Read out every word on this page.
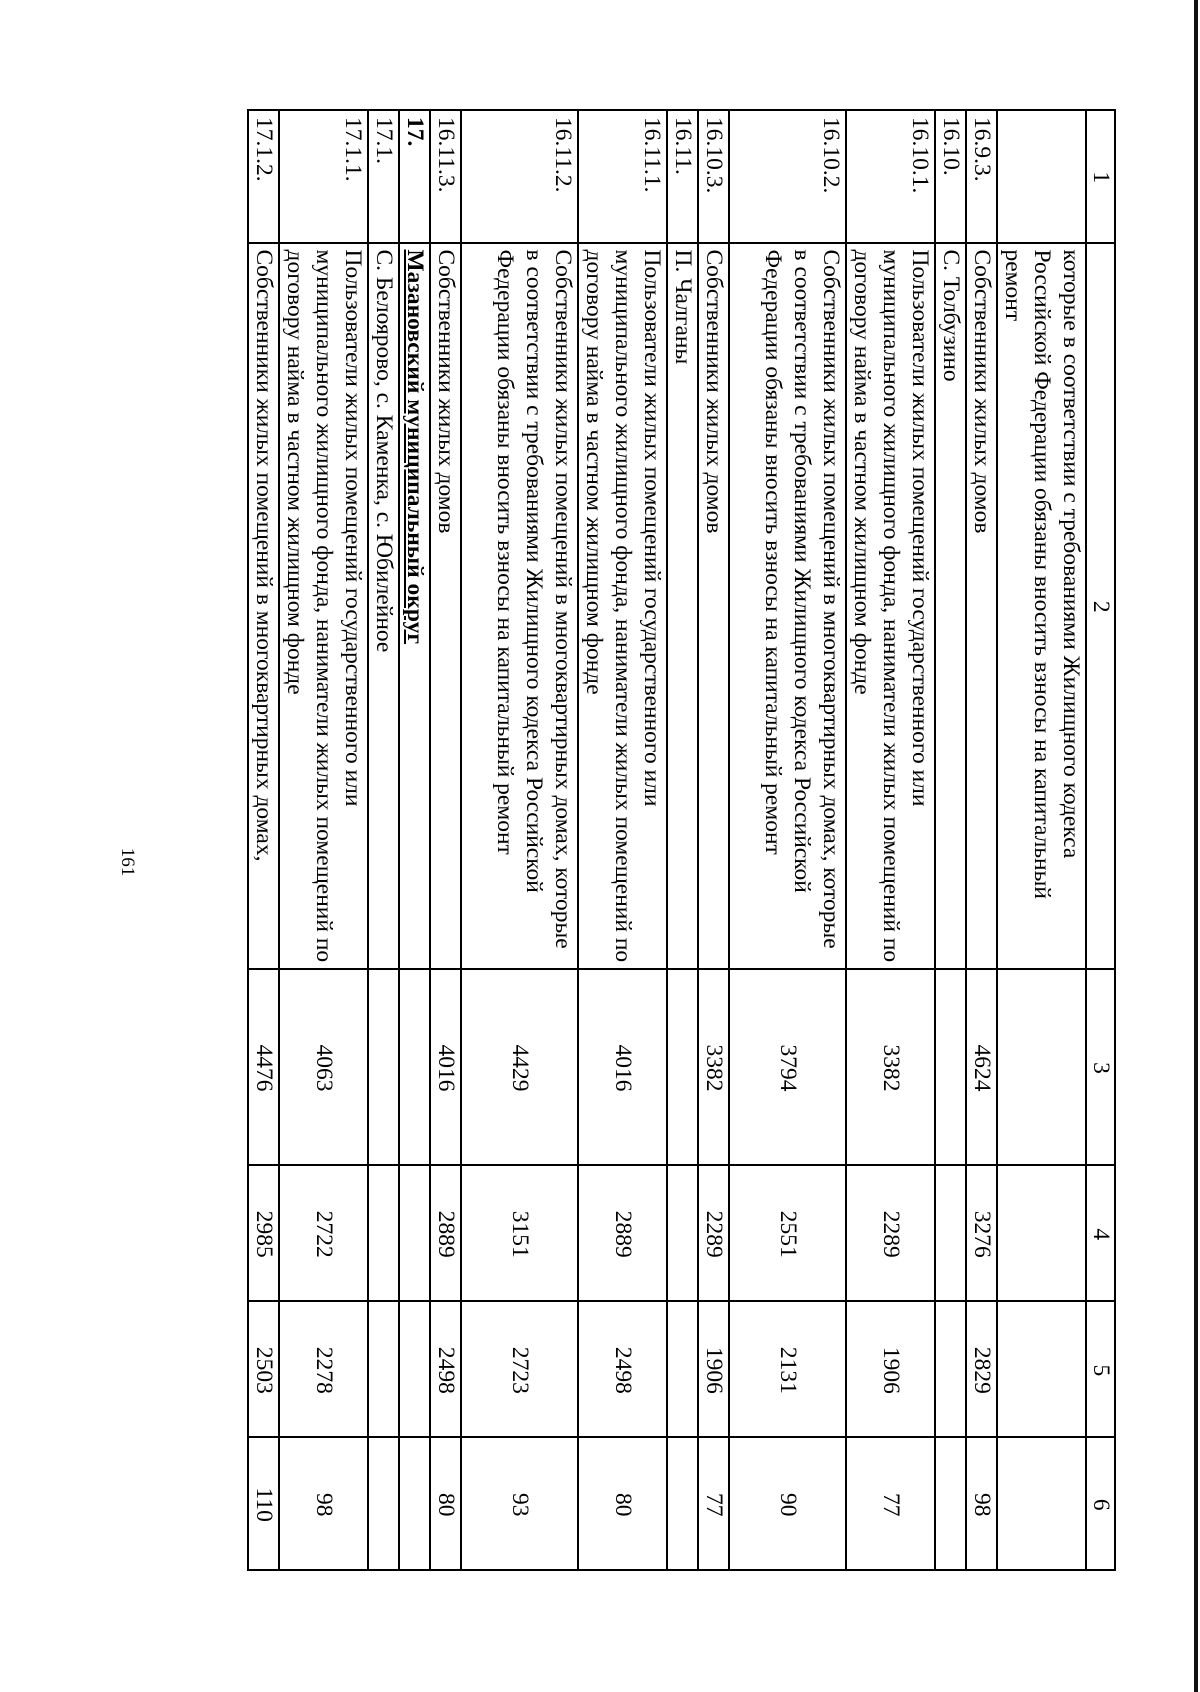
161
1	2	3	4	5	6
	которые в соответствии с требованиями Жилищного кодекса Российской Федерации обязаны вносить взносы на капитальный ремонт				
16.9.3.	Собственники жилых домов	4624	3276	2829	98
16.10.	С. Толбузино				
16.10.1.	Пользователи жилых помещений государственного или муниципального жилищного фонда, наниматели жилых помещений по договору найма в частном жилищном фонде	3382	2289	1906	77
16.10.2.	Собственники жилых помещений в многоквартирных домах, которые в соответствии с требованиями Жилищного кодекса Российской Федерации обязаны вносить взносы на капитальный ремонт	3794	2551	2131	90
16.10.3.	Собственники жилых домов	3382	2289	1906	77
16.11.	П. Чалганы				
16.11.1.	Пользователи жилых помещений государственного или муниципального жилищного фонда, наниматели жилых помещений по договору найма в частном жилищном фонде	4016	2889	2498	80
16.11.2.	Собственники жилых помещений в многоквартирных домах, которые в соответствии с требованиями Жилищного кодекса Российской Федерации обязаны вносить взносы на капитальный ремонт	4429	3151	2723	93
16.11.3.	Собственники жилых домов	4016	2889	2498	80
17.	Мазановский муниципальный округ				
17.1.	С. Белоярово, с. Каменка, с. Юбилейное				
17.1.1.	Пользователи жилых помещений государственного или муниципального жилищного фонда, наниматели жилых помещений по договору найма в частном жилищном фонде	4063	2722	2278	98
17.1.2.	Собственники жилых помещений в многоквартирных домах,	4476	2985	2503	110
